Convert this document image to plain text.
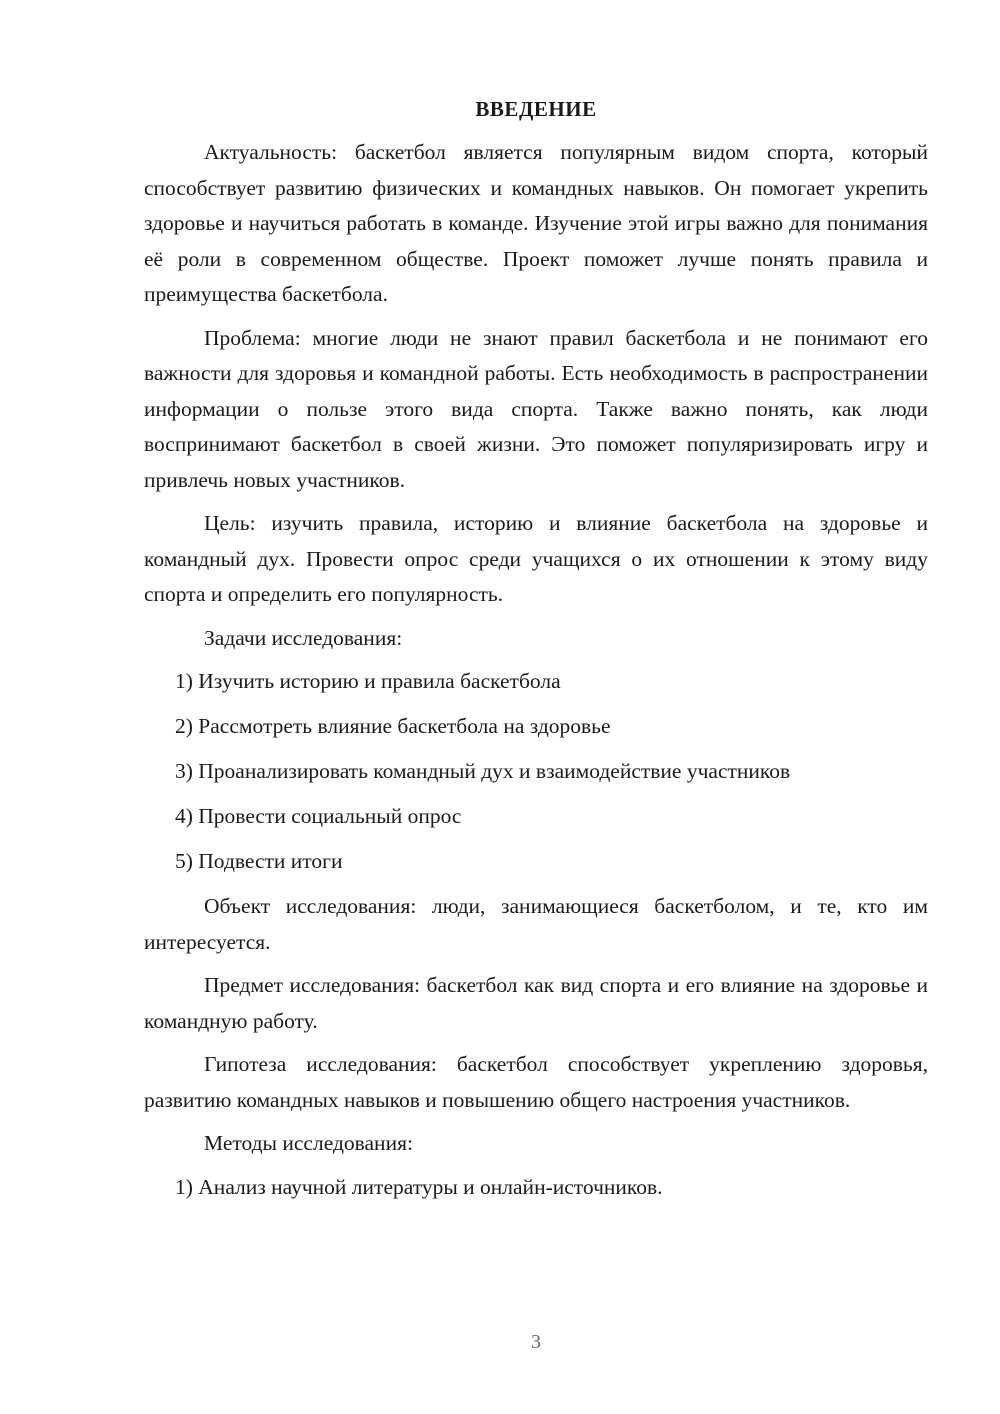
ВВЕДЕНИЕ

Актуальность: баскетбол является популярным видом спорта, который способствует развитию физических и командных навыков. Он помогает укрепить здоровье и научиться работать в команде. Изучение этой игры важно для понимания её роли в современном обществе. Проект поможет лучше понять правила и преимущества баскетбола.

Проблема: многие люди не знают правил баскетбола и не понимают его важности для здоровья и командной работы. Есть необходимость в распространении информации о пользе этого вида спорта. Также важно понять, как люди воспринимают баскетбол в своей жизни. Это поможет популяризировать игру и привлечь новых участников.

Цель: изучить правила, историю и влияние баскетбола на здоровье и командный дух. Провести опрос среди учащихся о их отношении к этому виду спорта и определить его популярность.

Задачи исследования:

1) Изучить историю и правила баскетбола
2) Рассмотреть влияние баскетбола на здоровье
3) Проанализировать командный дух и взаимодействие участников
4) Провести социальный опрос
5) Подвести итоги

Объект исследования: люди, занимающиеся баскетболом, и те, кто им интересуется.

Предмет исследования: баскетбол как вид спорта и его влияние на здоровье и командную работу.

Гипотеза исследования: баскетбол способствует укреплению здоровья, развитию командных навыков и повышению общего настроения участников.

Методы исследования:

1) Анализ научной литературы и онлайн-источников.
3
